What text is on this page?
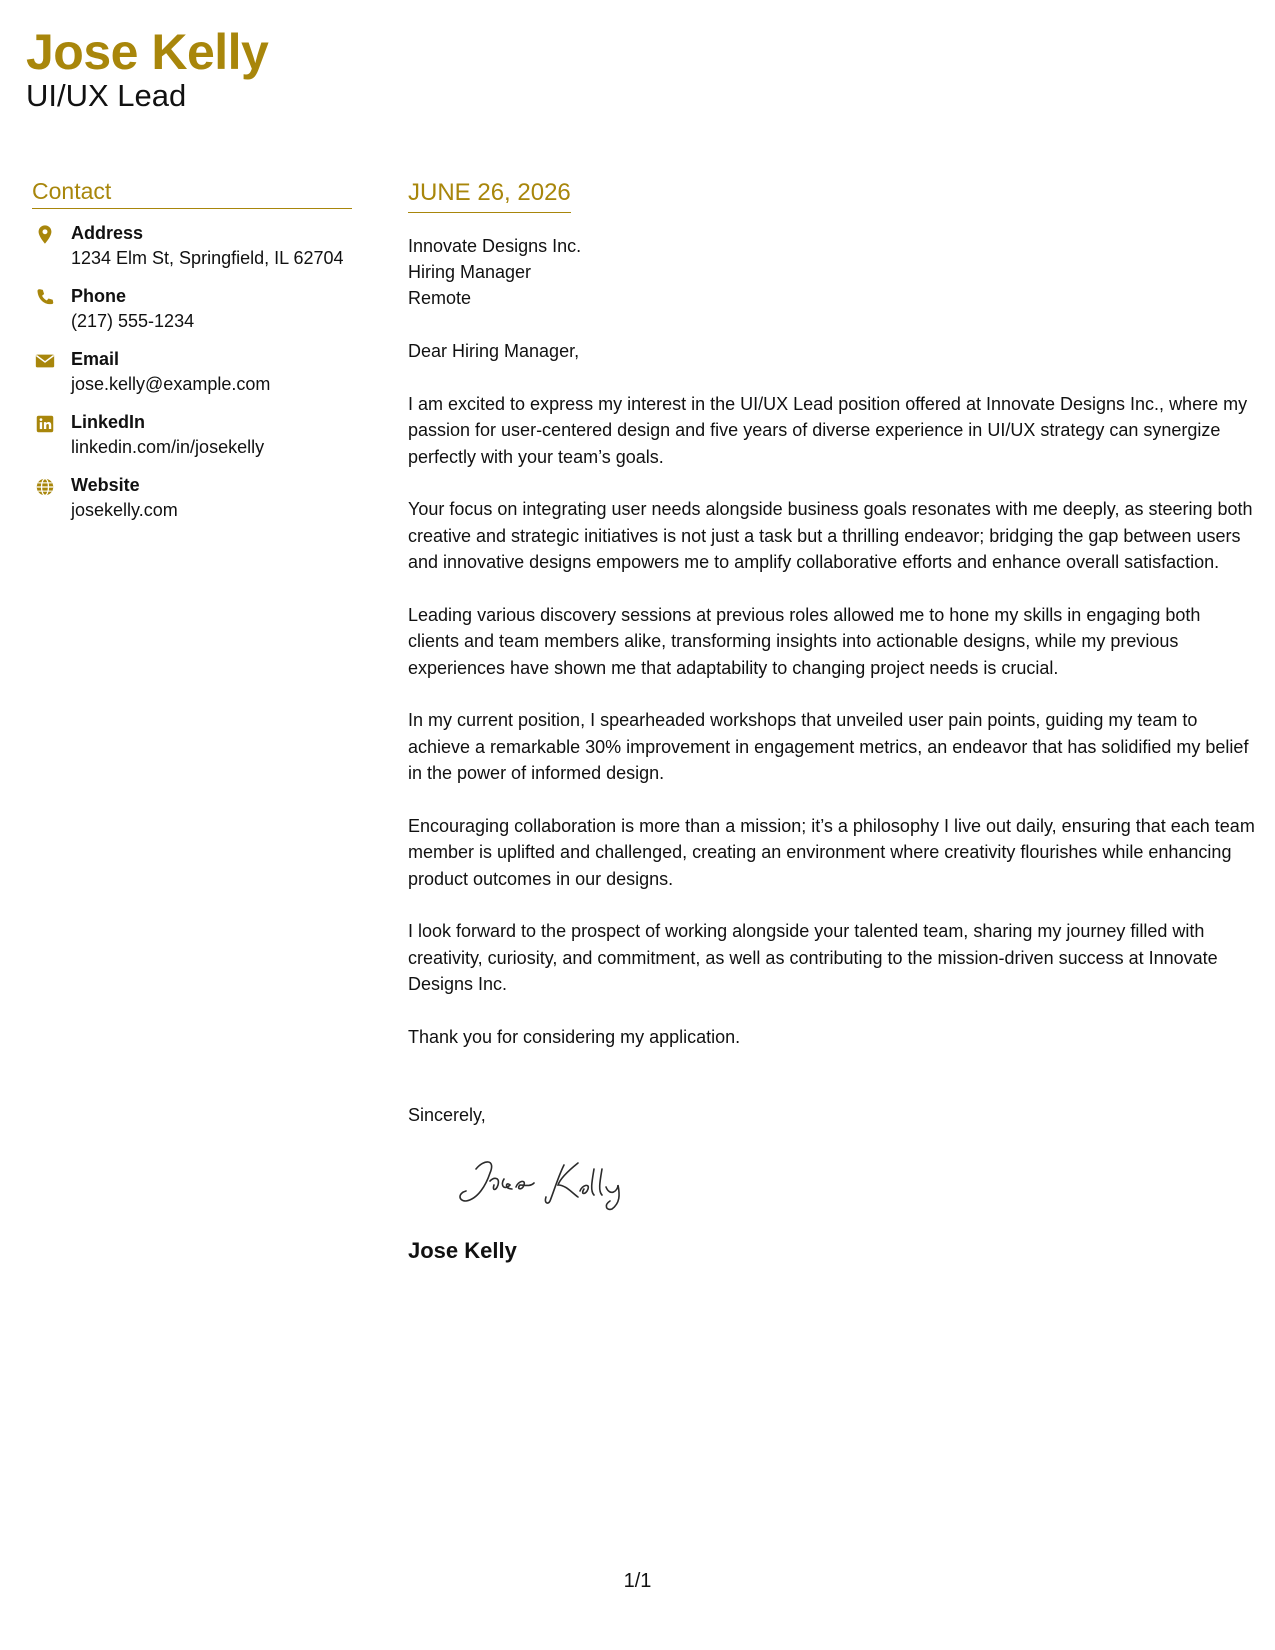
Jose Kelly
UI/UX Lead
Contact
Address
1234 Elm St, Springfield, IL 62704
Phone
(217) 555-1234
Email
jose.kelly@example.com
LinkedIn
linkedin.com/in/josekelly
Website
josekelly.com
JUNE 26, 2026
Innovate Designs Inc.
Hiring Manager
Remote
Dear Hiring Manager,
I am excited to express my interest in the UI/UX Lead position offered at Innovate Designs Inc., where my passion for user-centered design and five years of diverse experience in UI/UX strategy can synergize perfectly with your team’s goals.
Your focus on integrating user needs alongside business goals resonates with me deeply, as steering both creative and strategic initiatives is not just a task but a thrilling endeavor; bridging the gap between users and innovative designs empowers me to amplify collaborative efforts and enhance overall satisfaction.
Leading various discovery sessions at previous roles allowed me to hone my skills in engaging both clients and team members alike, transforming insights into actionable designs, while my previous experiences have shown me that adaptability to changing project needs is crucial.
In my current position, I spearheaded workshops that unveiled user pain points, guiding my team to achieve a remarkable 30% improvement in engagement metrics, an endeavor that has solidified my belief in the power of informed design.
Encouraging collaboration is more than a mission; it’s a philosophy I live out daily, ensuring that each team member is uplifted and challenged, creating an environment where creativity flourishes while enhancing product outcomes in our designs.
I look forward to the prospect of working alongside your talented team, sharing my journey filled with creativity, curiosity, and commitment, as well as contributing to the mission-driven success at Innovate Designs Inc.
Thank you for considering my application.
Sincerely,
Jose Kelly
1/1
